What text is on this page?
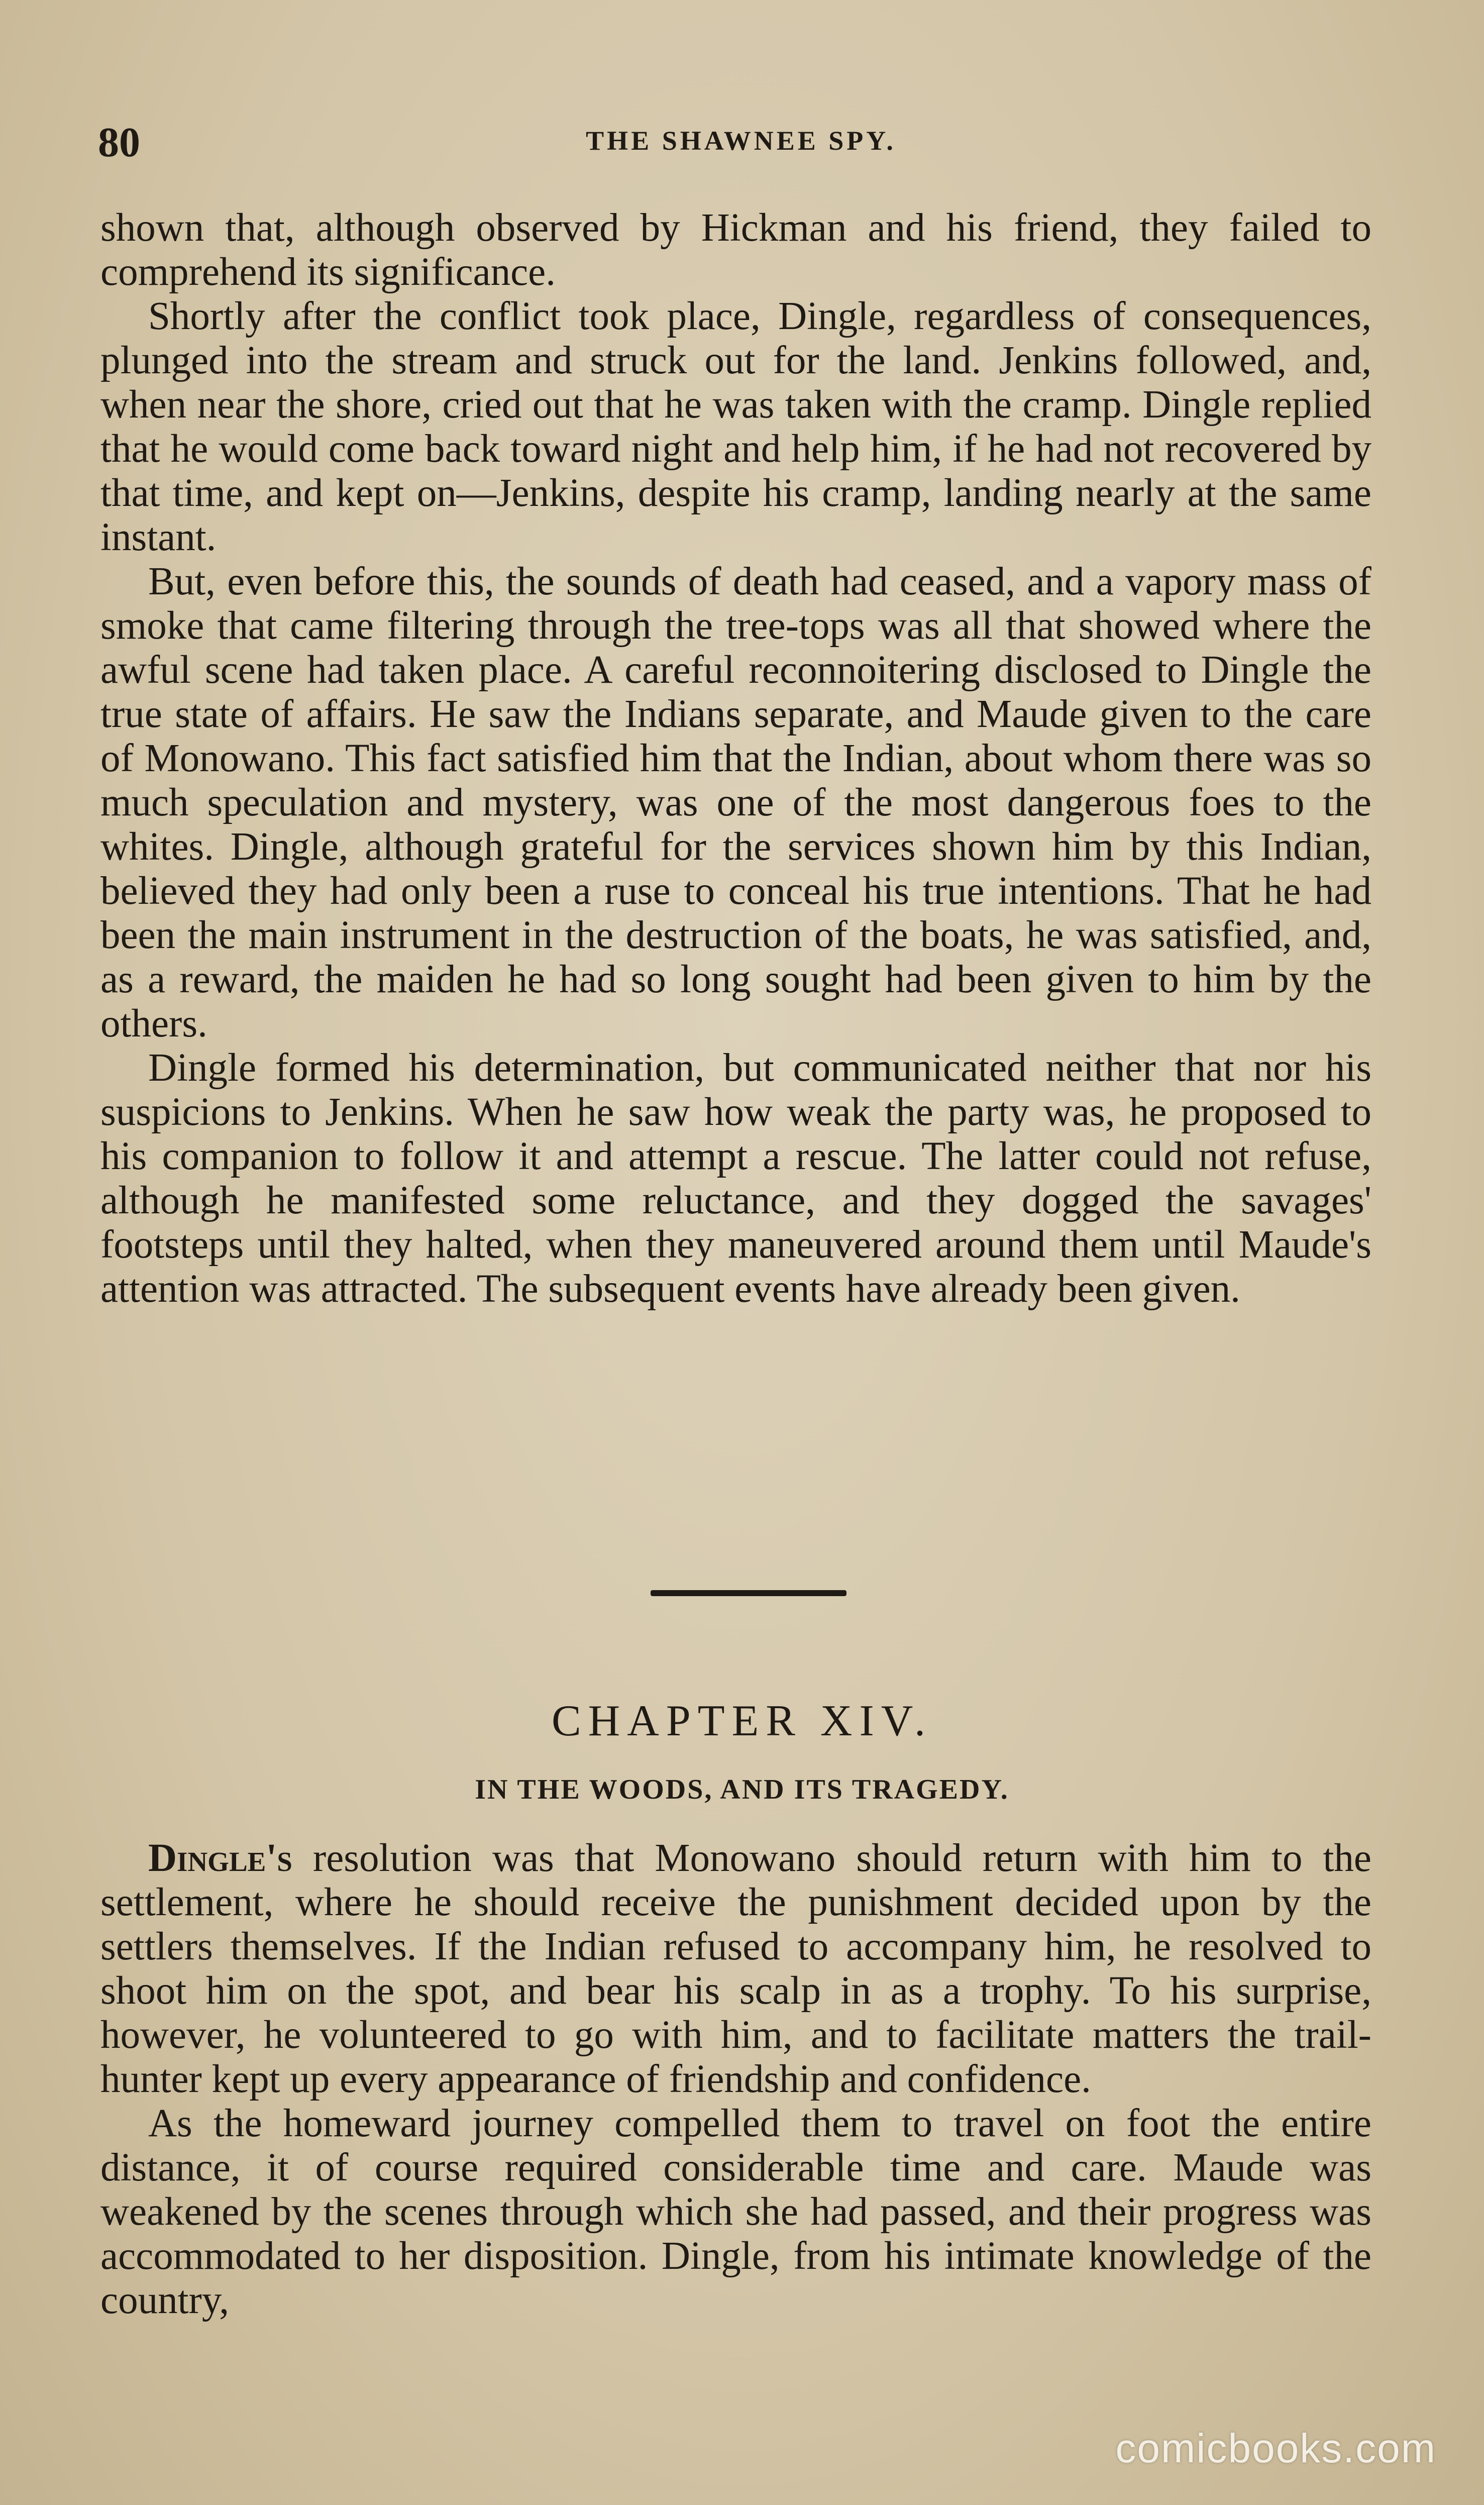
80	THE SHAWNEE SPY.

shown that, although observed by Hickman and his friend, they failed to comprehend its significance.

Shortly after the conflict took place, Dingle, regardless of consequences, plunged into the stream and struck out for the land. Jenkins followed, and, when near the shore, cried out that he was taken with the cramp. Dingle replied that he would come back toward night and help him, if he had not recovered by that time, and kept on—Jenkins, despite his cramp, landing nearly at the same instant.

But, even before this, the sounds of death had ceased, and a vapory mass of smoke that came filtering through the tree-tops was all that showed where the awful scene had taken place. A careful reconnoitering disclosed to Dingle the true state of affairs. He saw the Indians separate, and Maude given to the care of Monowano. This fact satisfied him that the Indian, about whom there was so much speculation and mystery, was one of the most dangerous foes to the whites. Dingle, although grateful for the services shown him by this Indian, believed they had only been a ruse to conceal his true intentions. That he had been the main instrument in the destruction of the boats, he was satisfied, and, as a reward, the maiden he had so long sought had been given to him by the others.

Dingle formed his determination, but communicated neither that nor his suspicions to Jenkins. When he saw how weak the party was, he proposed to his companion to follow it and attempt a rescue. The latter could not refuse, although he manifested some reluctance, and they dogged the savages' footsteps until they halted, when they maneuvered around them until Maude's attention was attracted. The subsequent events have already been given.

CHAPTER XIV.
IN THE WOODS, AND ITS TRAGEDY.

Dingle's resolution was that Monowano should return with him to the settlement, where he should receive the punishment decided upon by the settlers themselves. If the Indian refused to accompany him, he resolved to shoot him on the spot, and bear his scalp in as a trophy. To his surprise, however, he volunteered to go with him, and to facilitate matters the trail-hunter kept up every appearance of friendship and confidence.

As the homeward journey compelled them to travel on foot the entire distance, it of course required considerable time and care. Maude was weakened by the scenes through which she had passed, and their progress was accommodated to her disposition. Dingle, from his intimate knowledge of the country,

comicbooks.com
